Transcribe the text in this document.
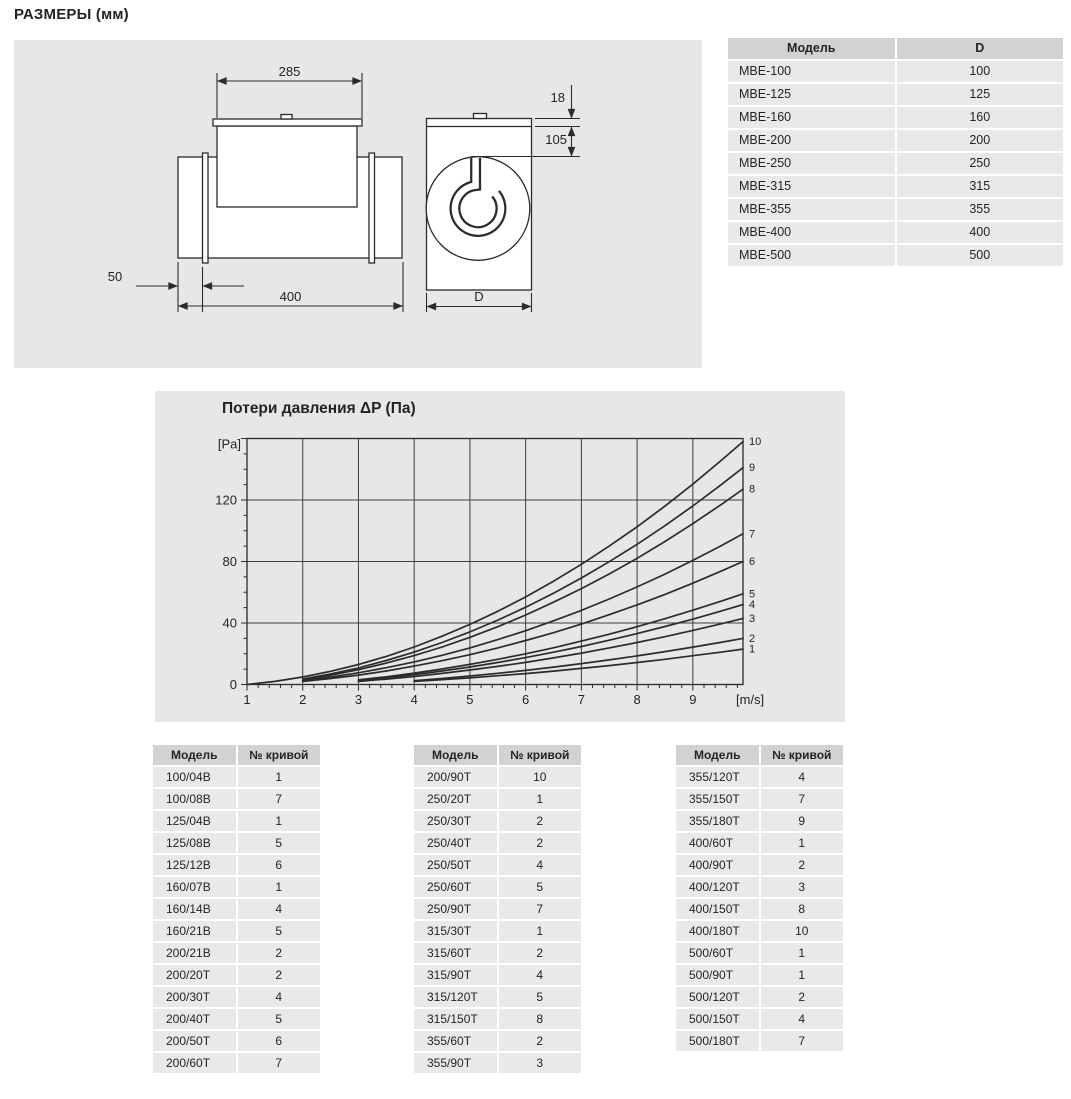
РАЗМЕРЫ (мм)
285
50
400
18
105
D
Модель	D
MBE-100	100
MBE-125	125
MBE-160	160
MBE-200	200
MBE-250	250
MBE-315	315
MBE-355	355
MBE-400	400
MBE-500	500
Потери давления ΔP (Па)
1	2	3	4	5	6	7	8	9
0
40
80
120
[Pa]
[m/s]
1
2
3
4
5
6
7
8
9
10
Модель	№ кривой
100/04B	1
100/08B	7
125/04B	1
125/08B	5
125/12B	6
160/07B	1
160/14B	4
160/21B	5
200/21B	2
200/20T	2
200/30T	4
200/40T	5
200/50T	6
200/60T	7
Модель	№ кривой
200/90T	10
250/20T	1
250/30T	2
250/40T	2
250/50T	4
250/60T	5
250/90T	7
315/30T	1
315/60T	2
315/90T	4
315/120T	5
315/150T	8
355/60T	2
355/90T	3
Модель	№ кривой
355/120T	4
355/150T	7
355/180T	9
400/60T	1
400/90T	2
400/120T	3
400/150T	8
400/180T	10
500/60T	1
500/90T	1
500/120T	2
500/150T	4
500/180T	7
